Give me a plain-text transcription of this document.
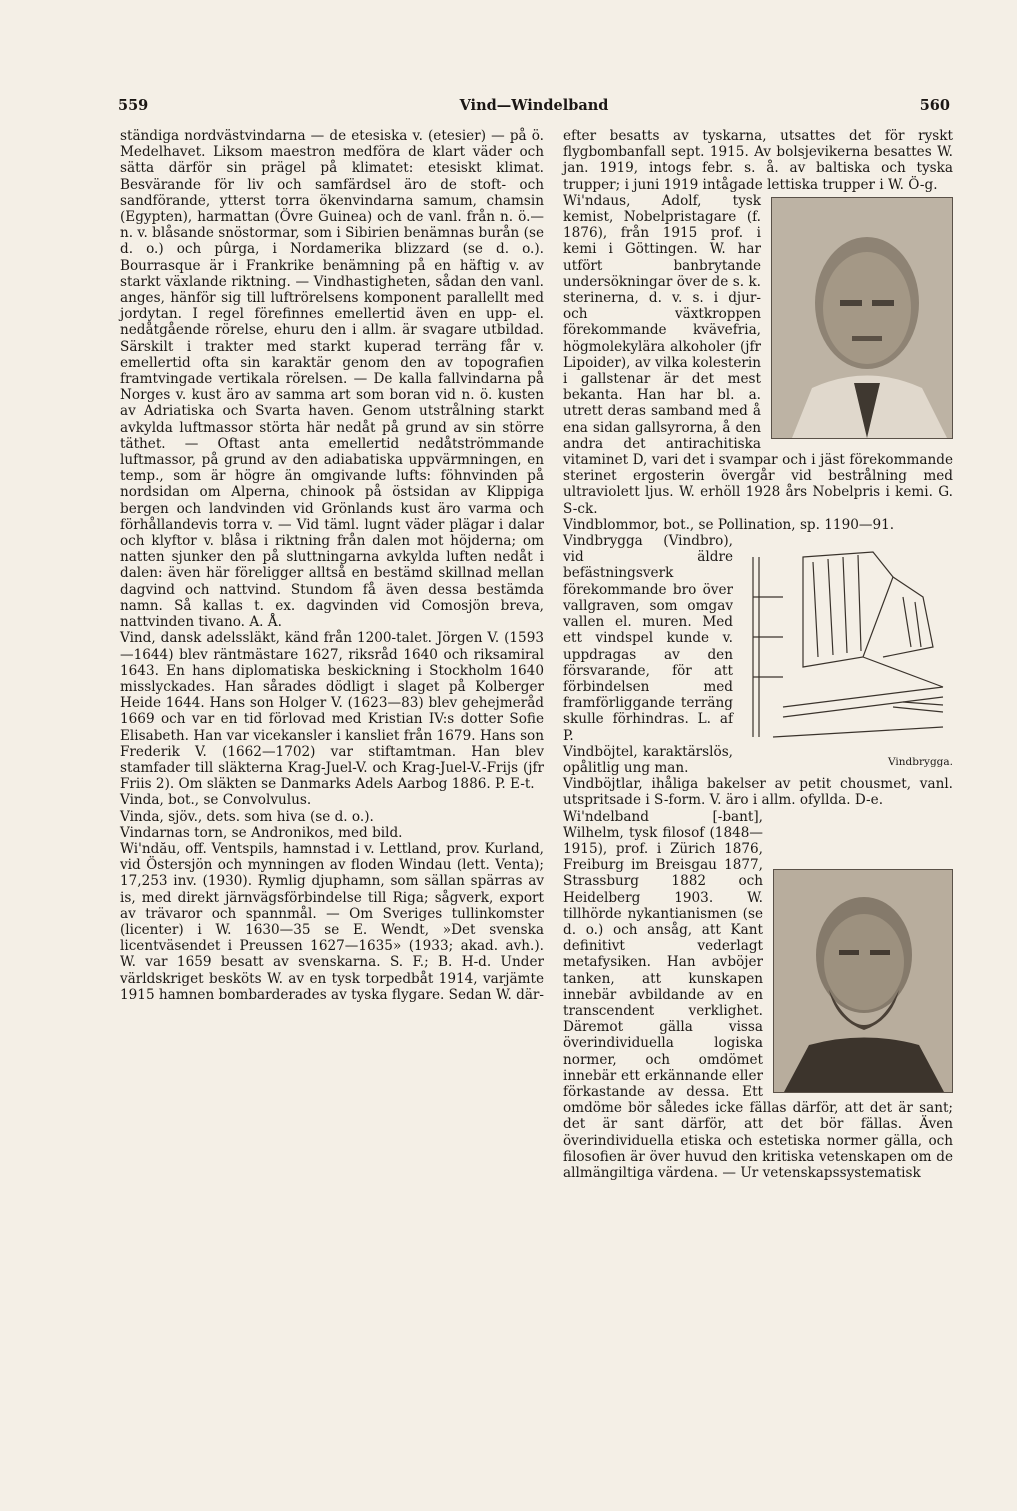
559	Vind—Windelband	560

ständiga nordvästvindarna — de etesiska v. (etesier) — på ö. Medelhavet. Liksom maestron medföra de klart väder och sätta därför sin prägel på klimatet: etesiskt klimat. Besvärande för liv och samfärdsel äro de stoft- och sandförande, ytterst torra ökenvindarna samum, chamsin (Egypten), harmattan (Övre Guinea) och de vanl. från n. ö.—n. v. blåsande snöstormar, som i Sibirien benämnas burån (se d. o.) och pûrga, i Nordamerika blizzard (se d. o.). Bourrasque är i Frankrike benämning på en häftig v. av starkt växlande riktning. — Vindhastigheten, sådan den vanl. anges, hänför sig till luftrörelsens komponent parallellt med jordytan. I regel förefinnes emellertid även en upp- el. nedåtgående rörelse, ehuru den i allm. är svagare utbildad. Särskilt i trakter med starkt kuperad terräng får v. emellertid ofta sin karaktär genom den av topografien framtvingade vertikala rörelsen. — De kalla fallvindarna på Norges v. kust äro av samma art som boran vid n. ö. kusten av Adriatiska och Svarta haven. Genom utstrålning starkt avkylda luftmassor störta här nedåt på grund av sin större täthet. — Oftast anta emellertid nedåtströmmande luftmassor, på grund av den adiabatiska uppvärmningen, en temp., som är högre än omgivande lufts: föhnvinden på nordsidan om Alperna, chinook på östsidan av Klippiga bergen och landvinden vid Grönlands kust äro varma och förhållandevis torra v. — Vid täml. lugnt väder plägar i dalar och klyftor v. blåsa i riktning från dalen mot höjderna; om natten sjunker den på sluttningarna avkylda luften nedåt i dalen: även här föreligger alltså en bestämd skillnad mellan dagvind och nattvind. Stundom få även dessa bestämda namn. Så kallas t. ex. dagvinden vid Comosjön breva, nattvinden tivano. A. Å.

Vind, dansk adelssläkt, känd från 1200-talet. Jörgen V. (1593—1644) blev räntmästare 1627, riksråd 1640 och riksamiral 1643. En hans diplomatiska beskickning i Stockholm 1640 misslyckades. Han sårades dödligt i slaget på Kolberger Heide 1644. Hans son Holger V. (1623—83) blev gehejmeråd 1669 och var en tid förlovad med Kristian IV:s dotter Sofie Elisabeth. Han var vicekansler i kansliet från 1679. Hans son Frederik V. (1662—1702) var stiftamtman. Han blev stamfader till släkterna Krag-Juel-V. och Krag-Juel-V.-Frijs (jfr Friis 2). Om släkten se Danmarks Adels Aarbog 1886. P. E-t.

Vinda, bot., se Convolvulus.

Vinda, sjöv., dets. som hiva (se d. o.).

Vindarnas torn, se Andronikos, med bild.

Wi'ndău, off. Ventspils, hamnstad i v. Lettland, prov. Kurland, vid Östersjön och mynningen av floden Windau (lett. Venta); 17,253 inv. (1930). Rymlig djuphamn, som sällan spärras av is, med direkt järnvägsförbindelse till Riga; sågverk, export av trävaror och spannmål. — Om Sveriges tullinkomster (licenter) i W. 1630—35 se E. Wendt, »Det svenska licentväsendet i Preussen 1627—1635» (1933; akad. avh.). W. var 1659 besatt av svenskarna. S. F.; B. H-d. Under världskriget besköts W. av en tysk torpedbåt 1914, varjämte 1915 hamnen bombarderades av tyska flygare. Sedan W. där-

efter besatts av tyskarna, utsattes det för ryskt flygbombanfall sept. 1915. Av bolsjevikerna besattes W. jan. 1919, intogs febr. s. å. av baltiska och tyska trupper; i juni 1919 intågade lettiska trupper i W. Ö-g.

Wi'ndaus, Adolf, tysk kemist, Nobelpristagare (f. 1876), från 1915 prof. i kemi i Göttingen. W. har utfört banbrytande undersökningar över de s. k. sterinerna, d. v. s. i djur- och växtkroppen förekommande kvävefria, högmolekylära alkoholer (jfr Lipoider), av vilka kolesterin i gallstenar är det mest bekanta. Han har bl. a. utrett deras samband med å ena sidan gallsyrorna, å den andra det antirachitiska vitaminet D, vari det i svampar och i jäst förekommande sterinet ergosterin övergår vid bestrålning med ultraviolett ljus. W. erhöll 1928 års Nobelpris i kemi. G. S-ck.

Vindblommor, bot., se Pollination, sp. 1190—91.

Vindbrygga.

Vindbrygga (Vindbro), vid äldre befästningsverk förekommande bro över vallgraven, som omgav vallen el. muren. Med ett vindspel kunde v. uppdragas av den försvarande, för att förbindelsen med framförliggande terräng skulle förhindras. L. af P.

Vindböjtel, karaktärslös, opålitlig ung man.

Vindböjtlar, ihåliga bakelser av petit chousmet, vanl. utspritsade i S-form. V. äro i allm. ofyllda. D-e.

Wi'ndelband [-bant], Wilhelm, tysk filosof (1848—1915), prof. i Zürich 1876, Freiburg im Breisgau 1877, Strassburg 1882 och Heidelberg 1903. W. tillhörde nykantianismen (se d. o.) och ansåg, att Kant definitivt vederlagt metafysiken. Han avböjer tanken, att kunskapen innebär avbildande av en transcendent verklighet. Däremot gälla vissa överindividuella logiska normer, och omdömet innebär ett erkännande eller förkastande av dessa. Ett omdöme bör således icke fällas därför, att det är sant; det är sant därför, att det bör fällas. Även överindividuella etiska och estetiska normer gälla, och filosofien är över huvud den kritiska vetenskapen om de allmängiltiga värdena. — Ur vetenskapssystematisk
